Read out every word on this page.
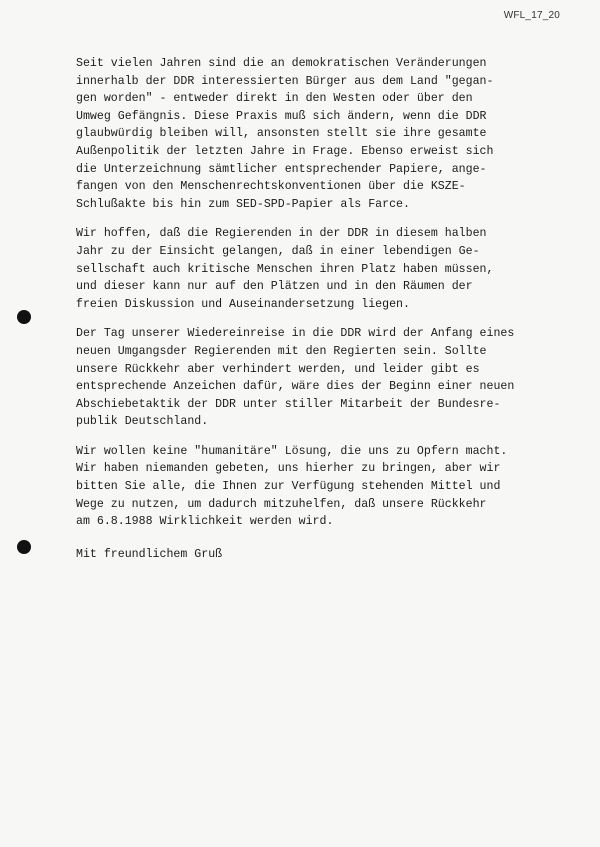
WFL_17_20
Seit vielen Jahren sind die an demokratischen Veränderungen
innerhalb der DDR interessierten Bürger aus dem Land "gegan-
gen worden" - entweder direkt in den Westen oder über den
Umweg Gefängnis. Diese Praxis muß sich ändern, wenn die DDR
glaubwürdig bleiben will, ansonsten stellt sie ihre gesamte
Außenpolitik der letzten Jahre in Frage. Ebenso erweist sich
die Unterzeichnung sämtlicher entsprechender Papiere, ange-
fangen von den Menschenrechtskonventionen über die KSZE-
Schlußakte bis hin zum SED-SPD-Papier als Farce.
Wir hoffen, daß die Regierenden in der DDR in diesem halben
Jahr zu der Einsicht gelangen, daß in einer lebendigen Ge-
sellschaft auch kritische Menschen ihren Platz haben müssen,
und dieser kann nur auf den Plätzen und in den Räumen der
freien Diskussion und Auseinandersetzung liegen.
Der Tag unserer Wiedereinreise in die DDR wird der Anfang eines
neuen Umgangsder Regierenden mit den Regierten sein. Sollte
unsere Rückkehr aber verhindert werden, und leider gibt es
entsprechende Anzeichen dafür, wäre dies der Beginn einer neuen
Abschiebetaktik der DDR unter stiller Mitarbeit der Bundesre-
publik Deutschland.
Wir wollen keine "humanitäre" Lösung, die uns zu Opfern macht.
Wir haben niemanden gebeten, uns hierher zu bringen, aber wir
bitten Sie alle, die Ihnen zur Verfügung stehenden Mittel und
Wege zu nutzen, um dadurch mitzuhelfen, daß unsere Rückkehr
am 6.8.1988 Wirklichkeit werden wird.
Mit freundlichem Gruß
